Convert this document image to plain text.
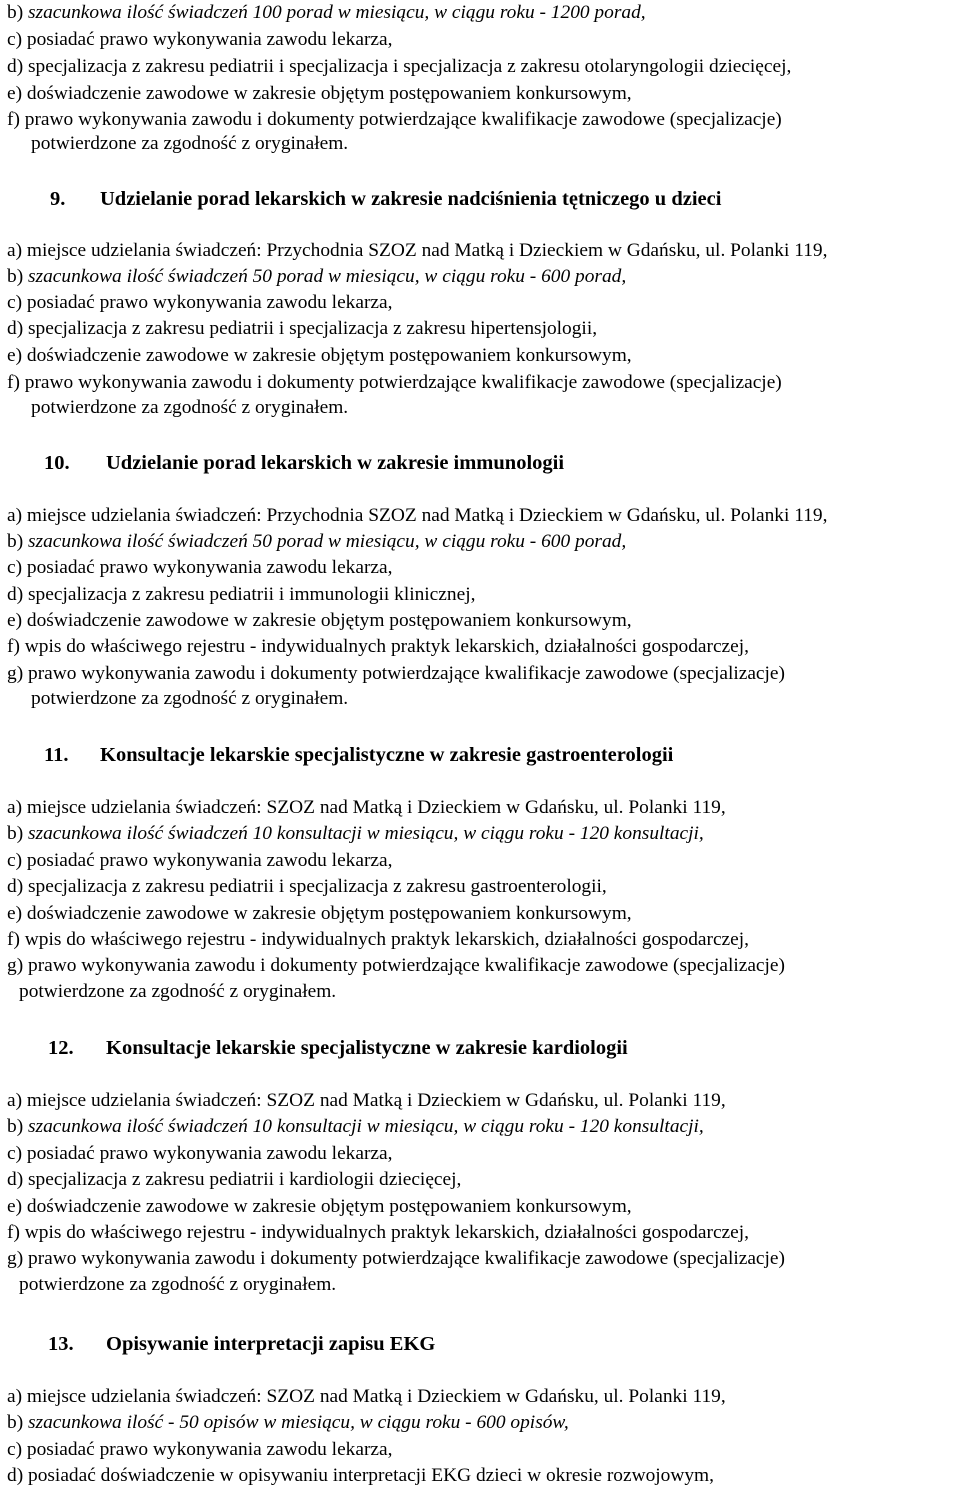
b) szacunkowa ilość świadczeń 100 porad w miesiącu, w ciągu roku - 1200 porad,
c) posiadać prawo wykonywania zawodu lekarza,
d) specjalizacja z zakresu pediatrii i specjalizacja i specjalizacja z zakresu otolaryngologii dziecięcej,
e) doświadczenie zawodowe w zakresie objętym postępowaniem konkursowym,
f) prawo wykonywania zawodu i dokumenty potwierdzające kwalifikacje zawodowe (specjalizacje)
potwierdzone za zgodność z oryginałem.
9. Udzielanie porad lekarskich w zakresie nadciśnienia tętniczego u dzieci
a) miejsce udzielania świadczeń: Przychodnia SZOZ nad Matką i Dzieckiem w Gdańsku, ul. Polanki 119,
b) szacunkowa ilość świadczeń 50 porad w miesiącu, w ciągu roku - 600 porad,
c) posiadać prawo wykonywania zawodu lekarza,
d) specjalizacja z zakresu pediatrii i specjalizacja z zakresu hipertensjologii,
e) doświadczenie zawodowe w zakresie objętym postępowaniem konkursowym,
f) prawo wykonywania zawodu i dokumenty potwierdzające kwalifikacje zawodowe (specjalizacje)
potwierdzone za zgodność z oryginałem.
10. Udzielanie porad lekarskich w zakresie immunologii
a) miejsce udzielania świadczeń: Przychodnia SZOZ nad Matką i Dzieckiem w Gdańsku, ul. Polanki 119,
b) szacunkowa ilość świadczeń 50 porad w miesiącu, w ciągu roku - 600 porad,
c) posiadać prawo wykonywania zawodu lekarza,
d) specjalizacja z zakresu pediatrii i immunologii klinicznej,
e) doświadczenie zawodowe w zakresie objętym postępowaniem konkursowym,
f) wpis do właściwego rejestru - indywidualnych praktyk lekarskich, działalności gospodarczej,
g) prawo wykonywania zawodu i dokumenty potwierdzające kwalifikacje zawodowe (specjalizacje)
potwierdzone za zgodność z oryginałem.
11. Konsultacje lekarskie specjalistyczne w zakresie gastroenterologii
a) miejsce udzielania świadczeń: SZOZ nad Matką i Dzieckiem w Gdańsku, ul. Polanki 119,
b) szacunkowa ilość świadczeń 10 konsultacji w miesiącu, w ciągu roku - 120 konsultacji,
c) posiadać prawo wykonywania zawodu lekarza,
d) specjalizacja z zakresu pediatrii i specjalizacja z zakresu gastroenterologii,
e) doświadczenie zawodowe w zakresie objętym postępowaniem konkursowym,
f) wpis do właściwego rejestru - indywidualnych praktyk lekarskich, działalności gospodarczej,
g) prawo wykonywania zawodu i dokumenty potwierdzające kwalifikacje zawodowe (specjalizacje)
potwierdzone za zgodność z oryginałem.
12. Konsultacje lekarskie specjalistyczne w zakresie kardiologii
a) miejsce udzielania świadczeń: SZOZ nad Matką i Dzieckiem w Gdańsku, ul. Polanki 119,
b) szacunkowa ilość świadczeń 10 konsultacji w miesiącu, w ciągu roku - 120 konsultacji,
c) posiadać prawo wykonywania zawodu lekarza,
d) specjalizacja z zakresu pediatrii i kardiologii dziecięcej,
e) doświadczenie zawodowe w zakresie objętym postępowaniem konkursowym,
f) wpis do właściwego rejestru - indywidualnych praktyk lekarskich, działalności gospodarczej,
g) prawo wykonywania zawodu i dokumenty potwierdzające kwalifikacje zawodowe (specjalizacje)
potwierdzone za zgodność z oryginałem.
13. Opisywanie interpretacji zapisu EKG
a) miejsce udzielania świadczeń: SZOZ nad Matką i Dzieckiem w Gdańsku, ul. Polanki 119,
b) szacunkowa ilość - 50 opisów w miesiącu, w ciągu roku - 600 opisów,
c) posiadać prawo wykonywania zawodu lekarza,
d) posiadać doświadczenie w opisywaniu interpretacji EKG dzieci w okresie rozwojowym,
